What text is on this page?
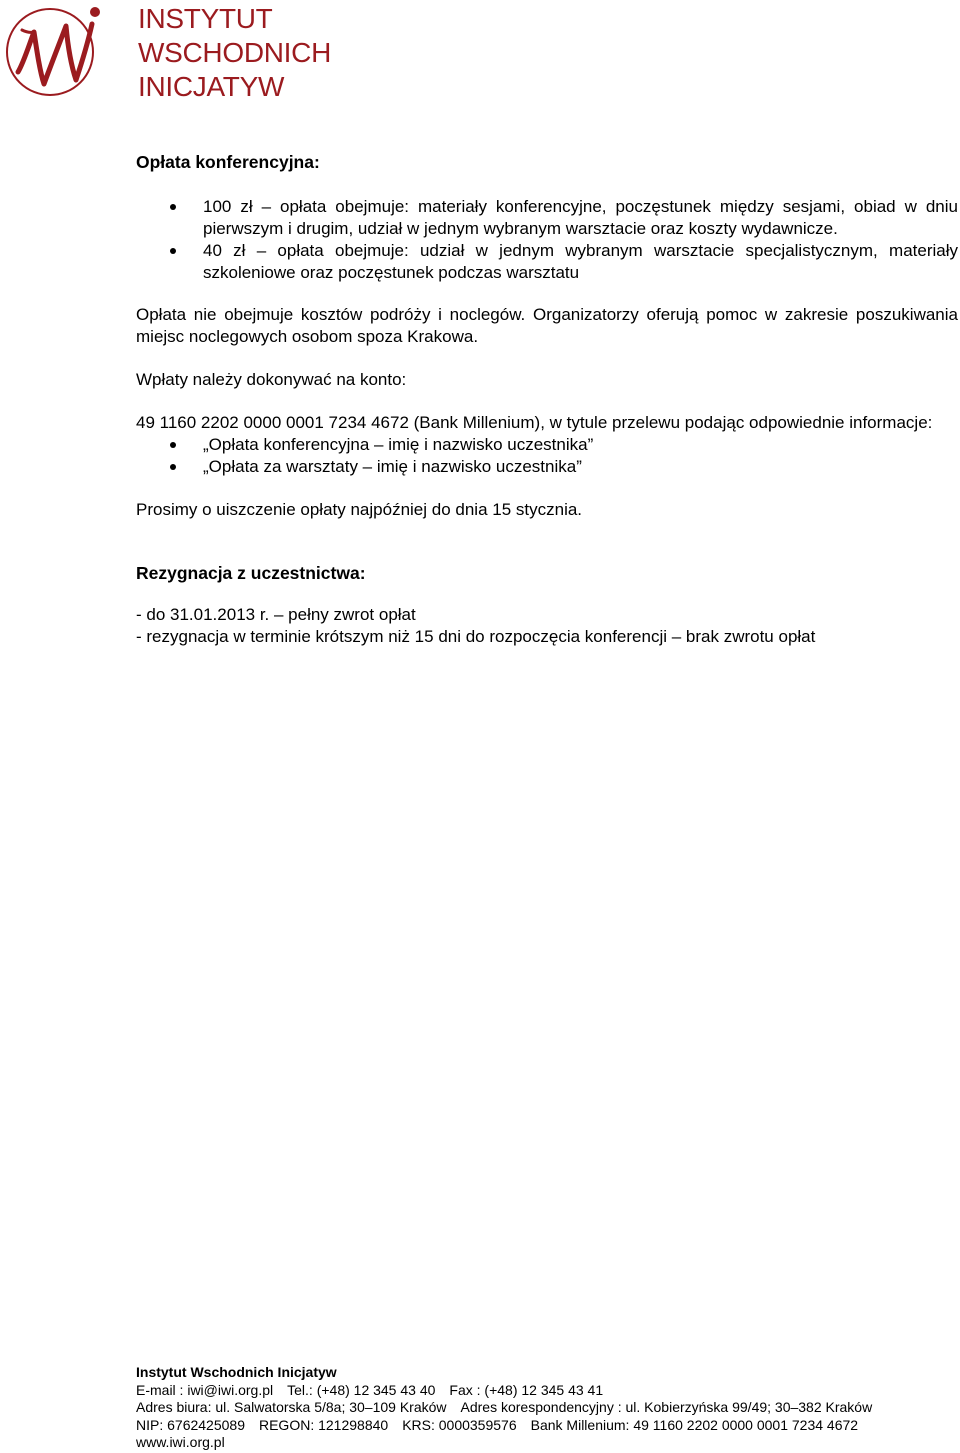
INSTYTUT
WSCHODNICH
INICJATYW
Opłata konferencyjna:
100 zł – opłata obejmuje: materiały konferencyjne, poczęstunek między sesjami, obiad w dniu pierwszym i drugim, udział w jednym wybranym warsztacie oraz koszty wydawnicze.
40 zł – opłata obejmuje: udział w jednym wybranym warsztacie specjalistycznym, materiały szkoleniowe oraz poczęstunek podczas warsztatu

Opłata nie obejmuje kosztów podróży i noclegów. Organizatorzy oferują pomoc w zakresie poszukiwania miejsc noclegowych osobom spoza Krakowa.

Wpłaty należy dokonywać na konto:

49 1160 2202 0000 0001 7234 4672 (Bank Millenium), w tytule przelewu podając odpowiednie informacje:

„Opłata konferencyjna – imię i nazwisko uczestnika”
„Opłata za warsztaty – imię i nazwisko uczestnika”

Prosimy o uiszczenie opłaty najpóźniej do dnia 15 stycznia.

Rezygnacja z uczestnictwa:

- do 31.01.2013 r. – pełny zwrot opłat

- rezygnacja w terminie krótszym niż 15 dni do rozpoczęcia konferencji – brak zwrotu opłat

Instytut Wschodnich Inicjatyw
E-mail : iwi@iwi.org.pl Tel.: (+48) 12 345 43 40 Fax : (+48) 12 345 43 41
Adres biura: ul. Salwatorska 5/8a; 30–109 Kraków Adres korespondencyjny : ul. Kobierzyńska 99/49; 30–382 Kraków
NIP: 6762425089 REGON: 121298840 KRS: 0000359576 Bank Millenium: 49 1160 2202 0000 0001 7234 4672
www.iwi.org.pl
